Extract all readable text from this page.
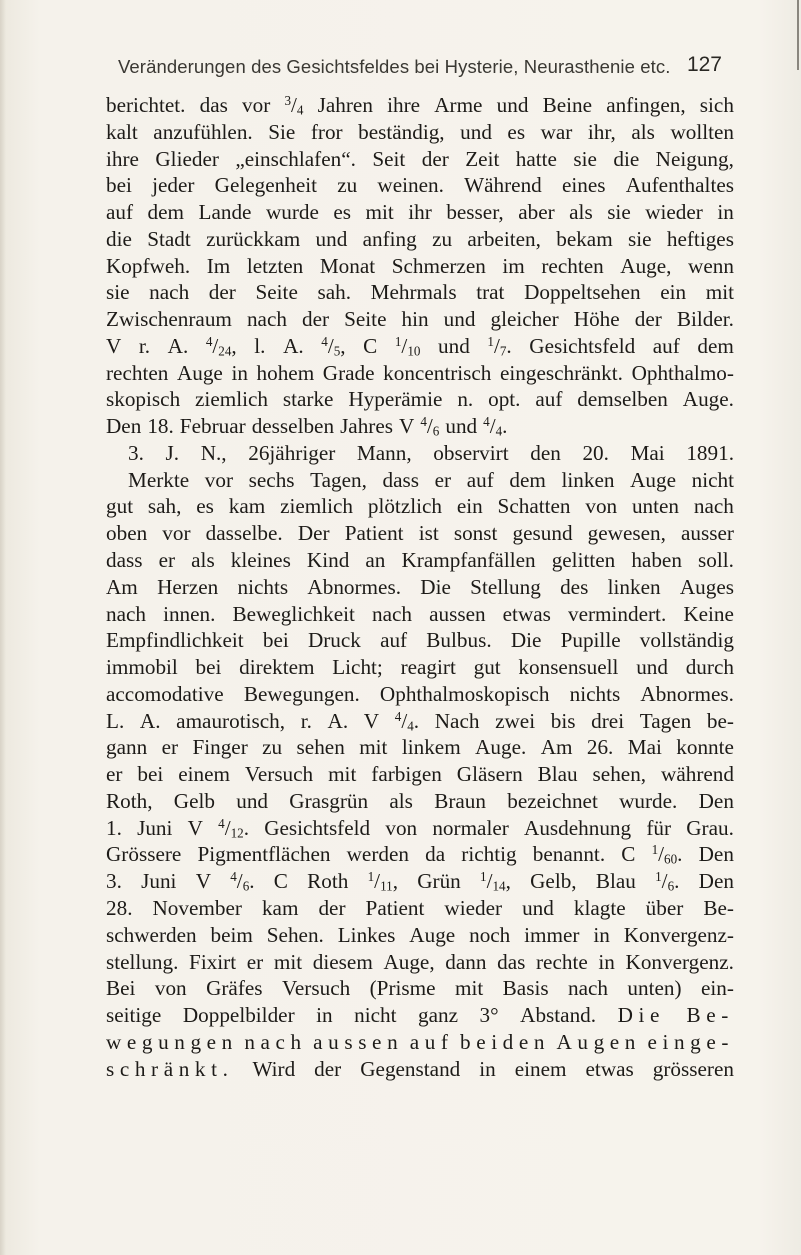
Veränderungen des Gesichtsfeldes bei Hysterie, Neurasthenie etc. 127
berichtet. das vor $^3$/4 Jahren ihre Arme und Beine anfingen, sich
kalt anzufühlen. Sie fror beständig, und es war ihr, als wollten
ihre Glieder „einschlafen“. Seit der Zeit hatte sie die Neigung,
bei jeder Gelegenheit zu weinen. Während eines Aufenthaltes
auf dem Lande wurde es mit ihr besser, aber als sie wieder in
die Stadt zurückkam und anfing zu arbeiten, bekam sie heftiges
Kopfweh. Im letzten Monat Schmerzen im rechten Auge, wenn
sie nach der Seite sah. Mehrmals trat Doppeltsehen ein mit
Zwischenraum nach der Seite hin und gleicher Höhe der Bilder.
V r. A. $^4$/24, l. A. $^4$/5, C $^1$/10 und $^1$/7. Gesichtsfeld auf dem
rechten Auge in hohem Grade koncentrisch eingeschränkt. Ophthalmo-
skopisch ziemlich starke Hyperämie n. opt. auf demselben Auge.
Den 18. Februar desselben Jahres V $^4$/6 und $^4$/4.
3. J. N., 26jähriger Mann, observirt den 20. Mai 1891.
Merkte vor sechs Tagen, dass er auf dem linken Auge nicht
gut sah, es kam ziemlich plötzlich ein Schatten von unten nach
oben vor dasselbe. Der Patient ist sonst gesund gewesen, ausser
dass er als kleines Kind an Krampfanfällen gelitten haben soll.
Am Herzen nichts Abnormes. Die Stellung des linken Auges
nach innen. Beweglichkeit nach aussen etwas vermindert. Keine
Empfindlichkeit bei Druck auf Bulbus. Die Pupille vollständig
immobil bei direktem Licht; reagirt gut konsensuell und durch
accomodative Bewegungen. Ophthalmoskopisch nichts Abnormes.
L. A. amaurotisch, r. A. V $^4$/4. Nach zwei bis drei Tagen be-
gann er Finger zu sehen mit linkem Auge. Am 26. Mai konnte
er bei einem Versuch mit farbigen Gläsern Blau sehen, während
Roth, Gelb und Grasgrün als Braun bezeichnet wurde. Den
1. Juni V $^4$/12. Gesichtsfeld von normaler Ausdehnung für Grau.
Grössere Pigmentflächen werden da richtig benannt. C $^1$/60. Den
3. Juni V $^4$/6. C Roth $^1$/11, Grün $^1$/14, Gelb, Blau $^1$/6. Den
28. November kam der Patient wieder und klagte über Be-
schwerden beim Sehen. Linkes Auge noch immer in Konvergenz-
stellung. Fixirt er mit diesem Auge, dann das rechte in Konvergenz.
Bei von Gräfes Versuch (Prisme mit Basis nach unten) ein-
seitige Doppelbilder in nicht ganz 3° Abstand. Die Be-
wegungen nach aussen auf beiden Augen einge-
schränkt. Wird der Gegenstand in einem etwas grösseren
